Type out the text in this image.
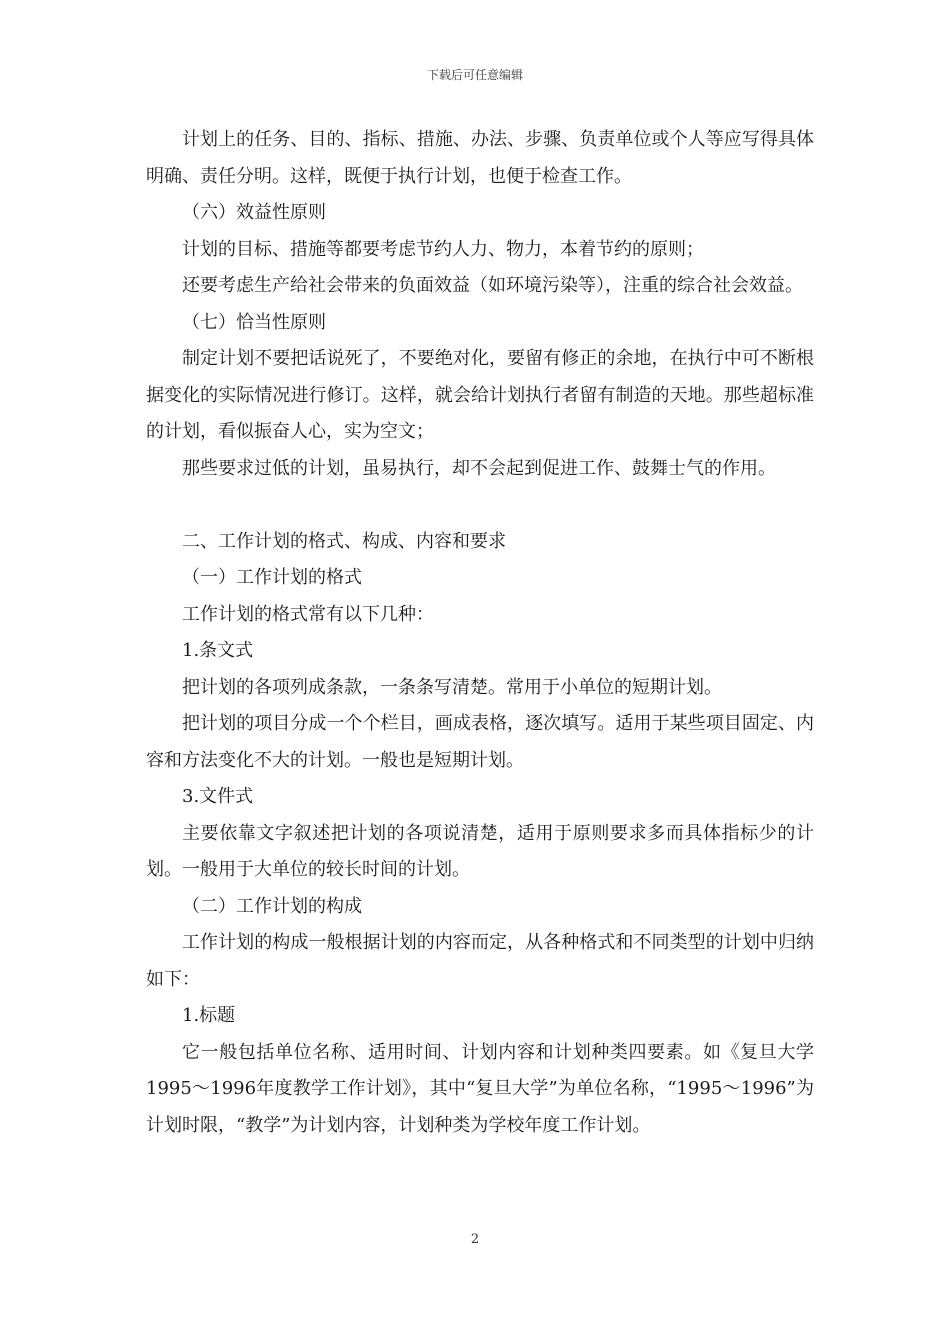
下载后可任意编辑

计划上的任务、目的、指标、措施、办法、步骤、负责单位或个人等应写得具体明确、责任分明。这样，既便于执行计划，也便于检查工作。

（六）效益性原则

计划的目标、措施等都要考虑节约人力、物力，本着节约的原则；

还要考虑生产给社会带来的负面效益（如环境污染等），注重的综合社会效益。

（七）恰当性原则

制定计划不要把话说死了，不要绝对化，要留有修正的余地，在执行中可不断根据变化的实际情况进行修订。这样，就会给计划执行者留有制造的天地。那些超标准的计划，看似振奋人心，实为空文；

那些要求过低的计划，虽易执行，却不会起到促进工作、鼓舞士气的作用。

二、工作计划的格式、构成、内容和要求

（一）工作计划的格式

工作计划的格式常有以下几种：

1.条文式

把计划的各项列成条款，一条条写清楚。常用于小单位的短期计划。

把计划的项目分成一个个栏目，画成表格，逐次填写。适用于某些项目固定、内容和方法变化不大的计划。一般也是短期计划。

3.文件式

主要依靠文字叙述把计划的各项说清楚，适用于原则要求多而具体指标少的计划。一般用于大单位的较长时间的计划。

（二）工作计划的构成

工作计划的构成一般根据计划的内容而定，从各种格式和不同类型的计划中归纳如下：

1.标题

它一般包括单位名称、适用时间、计划内容和计划种类四要素。如《复旦大学1995～1996年度教学工作计划》，其中“复旦大学”为单位名称，“1995～1996”为计划时限，“教学”为计划内容，计划种类为学校年度工作计划。

2
